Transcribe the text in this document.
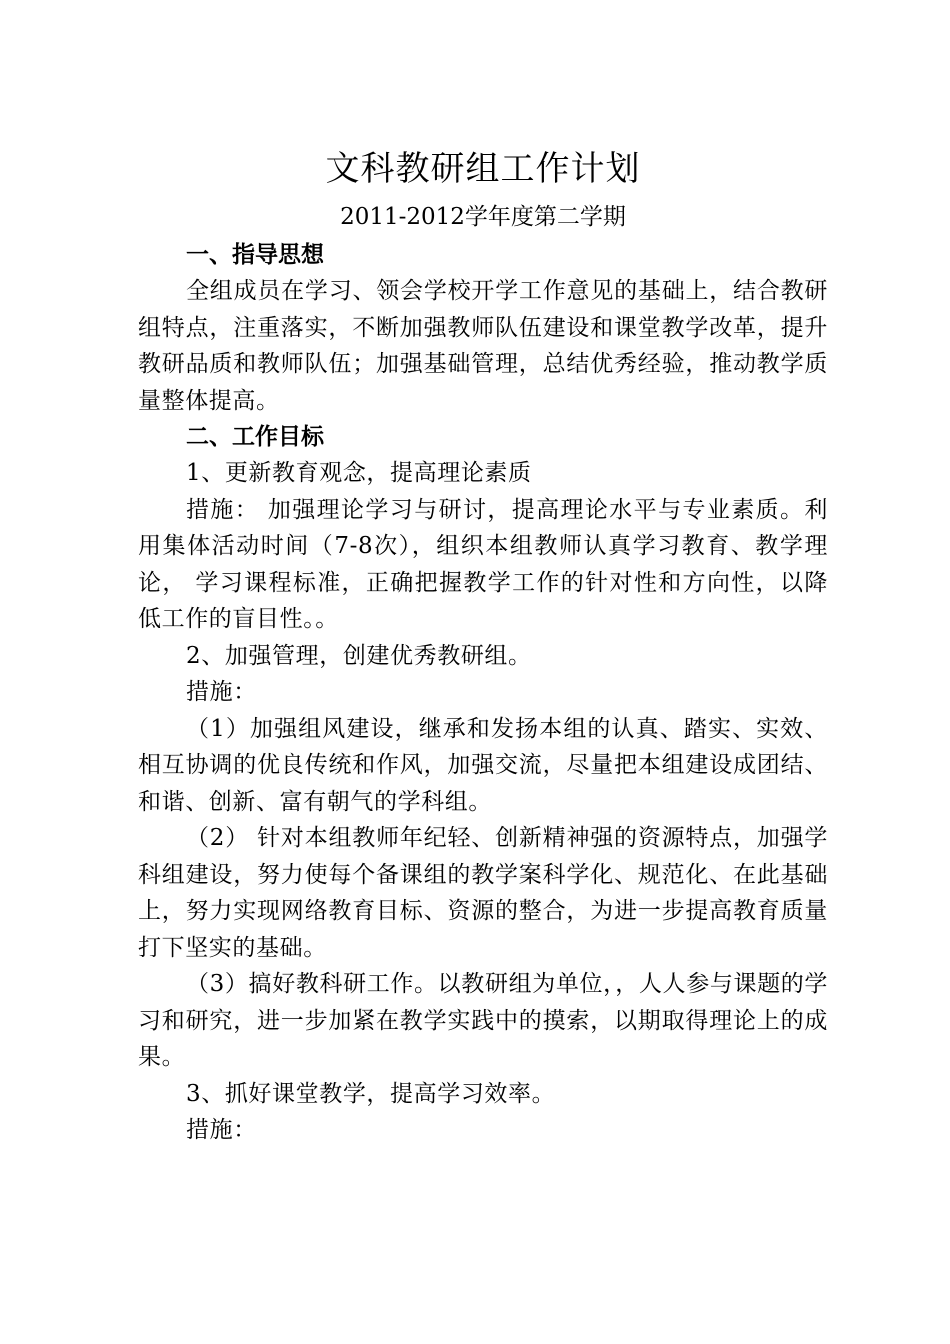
文科教研组工作计划
2011-2012学年度第二学期
一、指导思想

全组成员在学习、领会学校开学工作意见的基础上，结合教研组特点，注重落实，不断加强教师队伍建设和课堂教学改革，提升教研品质和教师队伍；加强基础管理，总结优秀经验，推动教学质量整体提高。

二、工作目标
1、更新教育观念，提高理论素质

措施： 加强理论学习与研讨，提高理论水平与专业素质。利用集体活动时间（7-8次），组织本组教师认真学习教育、教学理论， 学习课程标准，正确把握教学工作的针对性和方向性，以降低工作的盲目性。。

2、加强管理，创建优秀教研组。
措施：

（1）加强组风建设，继承和发扬本组的认真、踏实、实效、相互协调的优良传统和作风，加强交流，尽量把本组建设成团结、和谐、创新、富有朝气的学科组。

（2） 针对本组教师年纪轻、创新精神强的资源特点，加强学科组建设，努力使每个备课组的教学案科学化、规范化、在此基础上，努力实现网络教育目标、资源的整合，为进一步提高教育质量打下坚实的基础。

（3）搞好教科研工作。以教研组为单位，，人人参与课题的学习和研究，进一步加紧在教学实践中的摸索，以期取得理论上的成果。

3、抓好课堂教学，提高学习效率。
措施：
